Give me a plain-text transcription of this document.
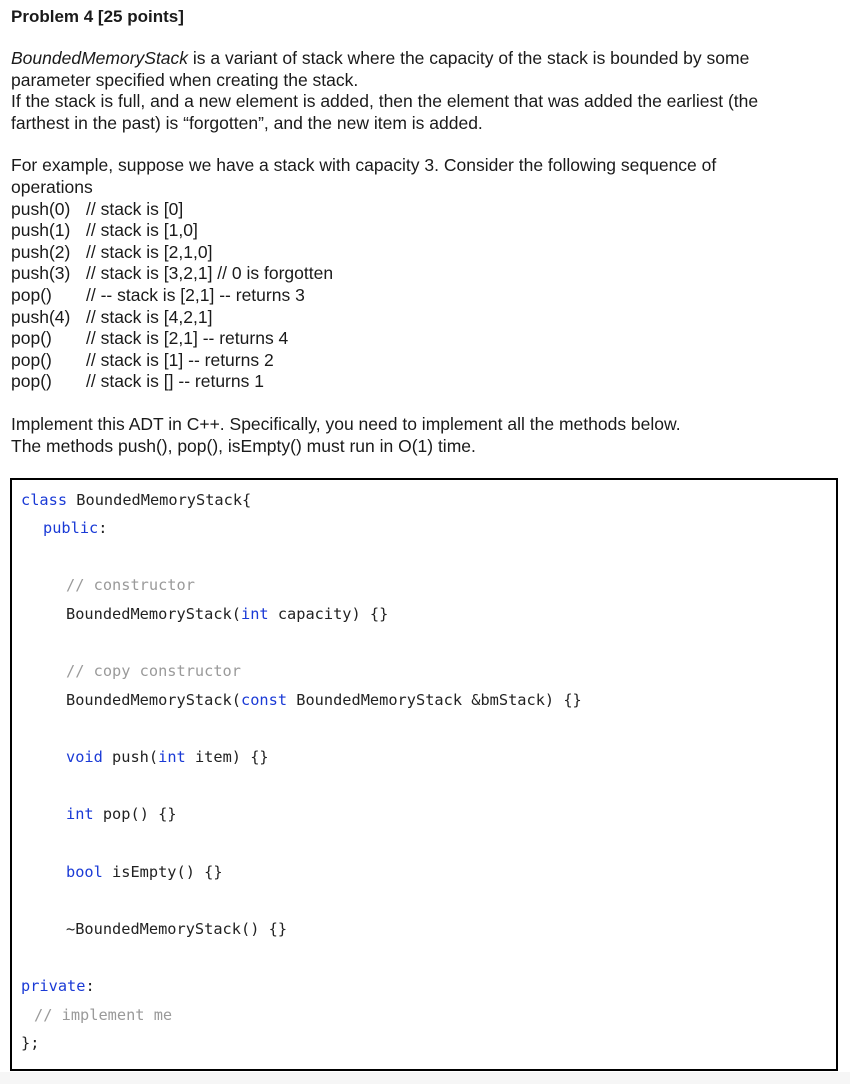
Problem 4 [25 points]
BoundedMemoryStack is a variant of stack where the capacity of the stack is bounded by some
parameter specified when creating the stack.
If the stack is full, and a new element is added, then the element that was added the earliest (the
farthest in the past) is “forgotten”, and the new item is added.
For example, suppose we have a stack with capacity 3. Consider the following sequence of
operations
push(0) // stack is [0]
push(1) // stack is [1,0]
push(2) // stack is [2,1,0]
push(3) // stack is [3,2,1] // 0 is forgotten
pop()	// -- stack is [2,1] -- returns 3
push(4) // stack is [4,2,1]
pop()	// stack is [2,1] -- returns 4
pop()	// stack is [1] -- returns 2
pop()	// stack is [] -- returns 1
Implement this ADT in C++. Specifically, you need to implement all the methods below.
The methods push(), pop(), isEmpty() must run in O(1) time.
class BoundedMemoryStack{
public:
// constructor
BoundedMemoryStack(int capacity) {}
// copy constructor
BoundedMemoryStack(const BoundedMemoryStack &bmStack) {}
void push(int item) {}
int pop() {}
bool isEmpty() {}
~BoundedMemoryStack() {}
private:
// implement me
};
